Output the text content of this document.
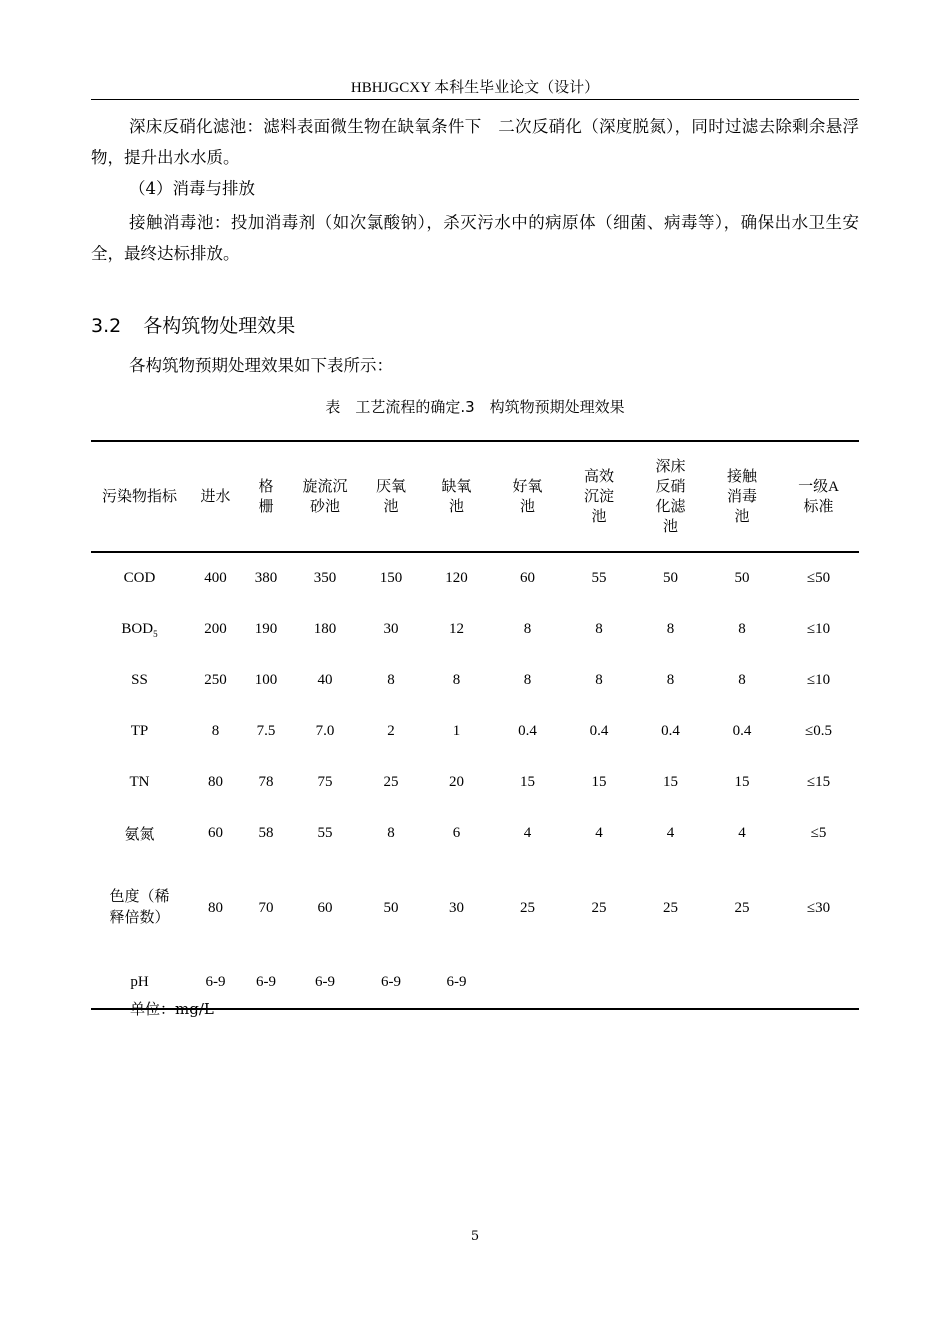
HBHJGCXY 本科生毕业论文（设计）
深床反硝化滤池：滤料表面微生物在缺氧条件下　二次反硝化（深度脱氮），同时过滤去除剩余悬浮物，提升出水水质。
（4）消毒与排放
接触消毒池：投加消毒剂（如次氯酸钠），杀灭污水中的病原体（细菌、病毒等），确保出水卫生安全，最终达标排放。
3.2 各构筑物处理效果
各构筑物预期处理效果如下表所示：
表　工艺流程的确定.3　构筑物预期处理效果
污染物指标	进水	格栅	旋流沉砂池	厌氧池	缺氧池	好氧池	高效沉淀池	深床反硝化滤池	接触消毒池	一级A标准
COD	400	380	350	150	120	60	55	50	50	≤50
$BOD_5$	200	190	180	30	12	8	8	8	8	≤10
SS	250	100	40	8	8	8	8	8	8	≤10
TP	8	7.5	7.0	2	1	0.4	0.4	0.4	0.4	≤0.5
TN	80	78	75	25	20	15	15	15	15	≤15
氨氮	60	58	55	8	6	4	4	4	4	≤5
色度（稀释倍数）	80	70	60	50	30	25	25	25	25	≤30
pH	6-9	6-9	6-9	6-9	6-9					
单位：mg/L
5
